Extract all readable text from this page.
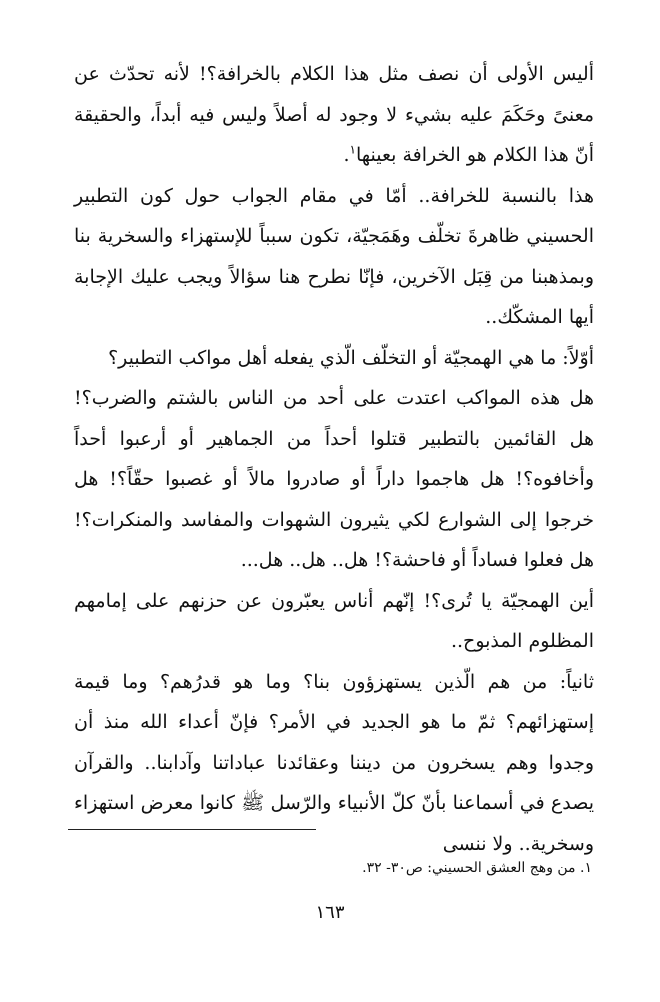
أليس الأولى أن نصف مثل هذا الكلام بالخرافة؟! لأنه تحدّث عن معنىً وحَكَمَ عليه بشيء لا وجود له أصلاً وليس فيه أبداً، والحقيقة أنّ هذا الكلام هو الخرافة بعينها$^١$.

هذا بالنسبة للخرافة.. أمّا في مقام الجواب حول كون التطبير الحسيني ظاهرةَ تخلّف وهَمَجيّة، تكون سبباً للإستهزاء والسخرية بنا وبمذهبنا من قِبَل الآخرين، فإنّا نطرح هنا سؤالاً ويجب عليك الإجابة أيها المشكّك..

أوّلاً: ما هي الهمجيّة أو التخلّف الّذي يفعله أهل مواكب التطبير؟

هل هذه المواكب اعتدت على أحد من الناس بالشتم والضرب؟! هل القائمين بالتطبير قتلوا أحداً من الجماهير أو أرعبوا أحداً وأخافوه؟! هل هاجموا داراً أو صادروا مالاً أو غصبوا حقّاً؟! هل خرجوا إلى الشوارع لكي يثيرون الشهوات والمفاسد والمنكرات؟! هل فعلوا فساداً أو فاحشة؟! هل.. هل.. هل...

أين الهمجيّة يا تُرى؟! إنّهم أناس يعبّرون عن حزنهم على إمامهم المظلوم المذبوح..

ثانياً: من هم الّذين يستهزؤون بنا؟ وما هو قدرُهم؟ وما قيمة إستهزائهم؟ ثمّ ما هو الجديد في الأمر؟ فإنّ أعداء الله منذ أن وجدوا وهم يسخرون من ديننا وعقائدنا عباداتنا وآدابنا.. والقرآن يصدع في أسماعنا بأنّ كلّ الأنبياء والرّسل ﷺ كانوا معرض استهزاء وسخرية.. ولا ننسى

١. من وهج العشق الحسيني: ص٣٠- ٣٢.
١٦٣
